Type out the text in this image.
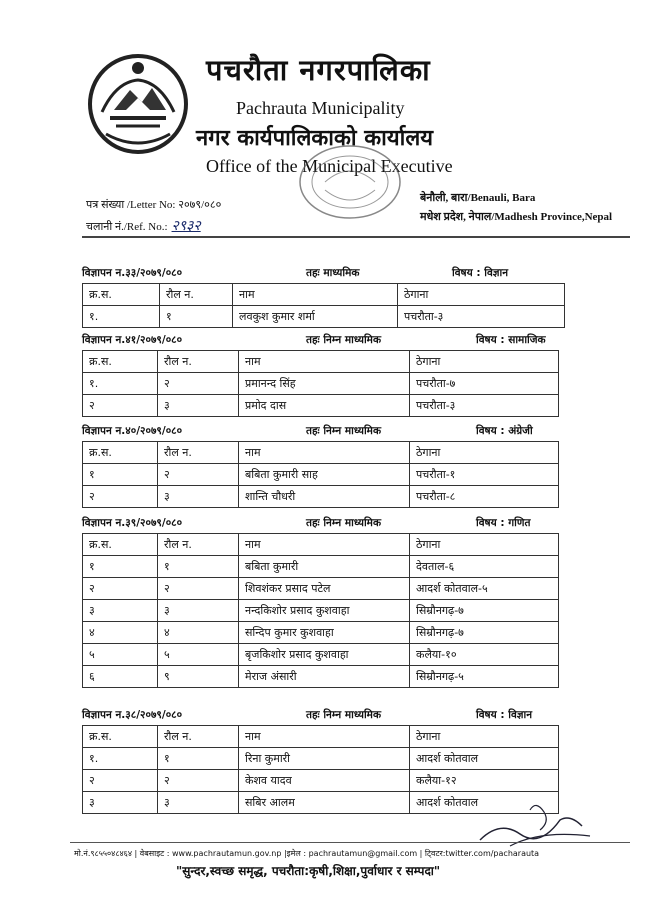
पचरौता नगरपालिका
Pachrauta Municipality
नगर कार्यपालिकाको कार्यालय
Office of the Municipal Executive
पत्र संख्या /Letter No: २०७९/०८०
चलानी नं./Ref. No.: २९३२
बेनौली, बारा/Benauli, Bara
मधेश प्रदेश, नेपाल/Madhesh Province,Nepal
विज्ञापन न.३३/२०७९/०८०	तहः माध्यमिक	विषय : विज्ञान
क्र.स.	रौल न.	नाम	ठेगाना
१.	१	लवकुश कुमार शर्मा	पचरौता-३
विज्ञापन न.४१/२०७९/०८०	तहः निम्न माध्यमिक	विषय : सामाजिक
क्र.स.	रौल न.	नाम	ठेगाना
१.	२	प्रमानन्द सिंह	पचरौता-७
२	३	प्रमोद दास	पचरौता-३
विज्ञापन न.४०/२०७९/०८०	तहः निम्न माध्यमिक	विषय : अंग्रेजी
क्र.स.	रौल न.	नाम	ठेगाना
१	२	बबिता कुमारी साह	पचरौता-१
२	३	शान्ति चौधरी	पचरौता-८
विज्ञापन न.३९/२०७९/०८०	तहः निम्न माध्यमिक	विषय : गणित
क्र.स.	रौल न.	नाम	ठेगाना
१	१	बबिता कुमारी	देवताल-६
२	२	शिवशंकर प्रसाद पटेल	आदर्श कोतवाल-५
३	३	नन्दकिशोर प्रसाद कुशवाहा	सिम्रौनगढ़-७
४	४	सन्दिप कुमार कुशवाहा	सिम्रौनगढ़-७
५	५	बृजकिशोर प्रसाद कुशवाहा	कलैया-१०
६	९	मेराज अंसारी	सिम्रौनगढ़-५
विज्ञापन न.३८/२०७९/०८०	तहः निम्न माध्यमिक	विषय : विज्ञान
क्र.स.	रौल न.	नाम	ठेगाना
१.	१	रिना कुमारी	आदर्श कोतवाल
२	२	केशव यादव	कलैया-१२
३	३	सबिर आलम	आदर्श कोतवाल
मो.नं.९८५५०४८४६४ | वेबसाइट : www.pachrautamun.gov.np |इमेल : pachrautamun@gmail.com | टि्वटर:twitter.com/pacharauta
"सुन्दर,स्वच्छ समृद्ध, पचरौता:कृषी,शिक्षा,पुर्वाधार र सम्पदा"
